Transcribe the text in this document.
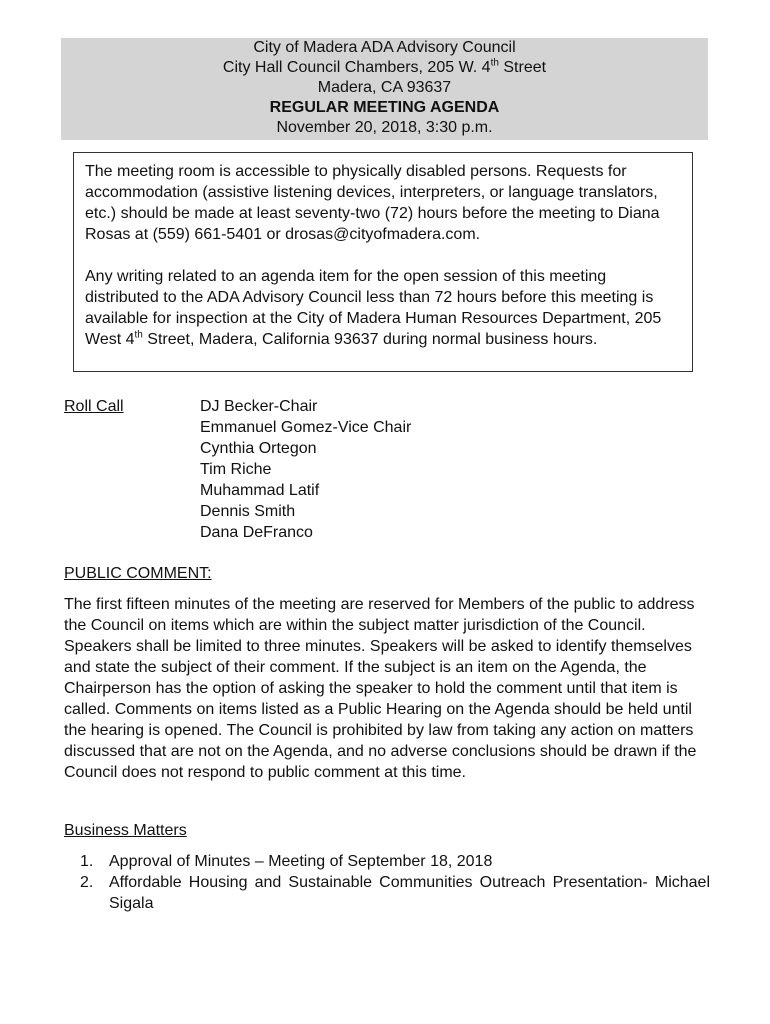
City of Madera ADA Advisory Council
City Hall Council Chambers, 205 W. 4th Street
Madera, CA 93637
REGULAR MEETING AGENDA
November 20, 2018, 3:30 p.m.

The meeting room is accessible to physically disabled persons. Requests for accommodation (assistive listening devices, interpreters, or language translators, etc.) should be made at least seventy-two (72) hours before the meeting to Diana Rosas at (559) 661-5401 or drosas@cityofmadera.com.

Any writing related to an agenda item for the open session of this meeting distributed to the ADA Advisory Council less than 72 hours before this meeting is available for inspection at the City of Madera Human Resources Department, 205 West 4th Street, Madera, California 93637 during normal business hours.

Roll Call	DJ Becker-Chair
Emmanuel Gomez-Vice Chair
Cynthia Ortegon
Tim Riche
Muhammad Latif
Dennis Smith
Dana DeFranco
PUBLIC COMMENT:

The first fifteen minutes of the meeting are reserved for Members of the public to address the Council on items which are within the subject matter jurisdiction of the Council. Speakers shall be limited to three minutes. Speakers will be asked to identify themselves and state the subject of their comment. If the subject is an item on the Agenda, the Chairperson has the option of asking the speaker to hold the comment until that item is called. Comments on items listed as a Public Hearing on the Agenda should be held until the hearing is opened. The Council is prohibited by law from taking any action on matters discussed that are not on the Agenda, and no adverse conclusions should be drawn if the Council does not respond to public comment at this time.

Business Matters
1. Approval of Minutes – Meeting of September 18, 2018
2. Affordable Housing and Sustainable Communities Outreach Presentation- Michael Sigala
